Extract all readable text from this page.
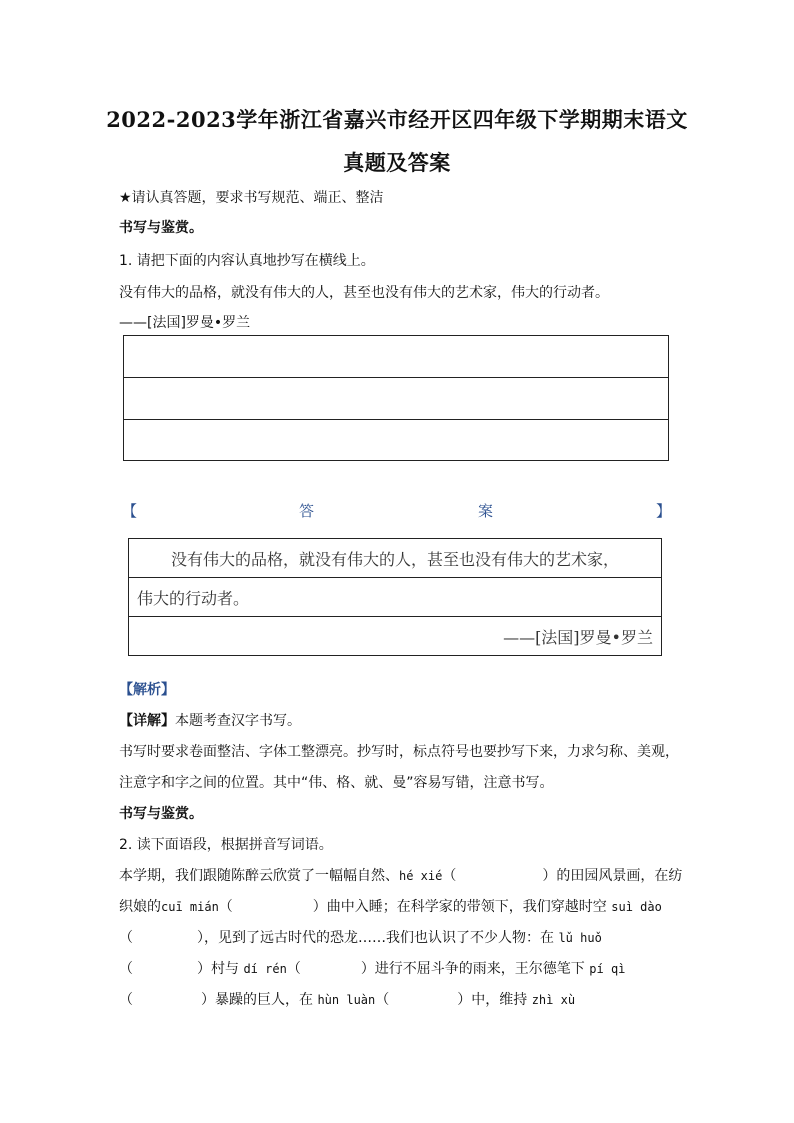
2022-2023学年浙江省嘉兴市经开区四年级下学期期末语文
真题及答案
★请认真答题，要求书写规范、端正、整洁
书写与鉴赏。
1. 请把下面的内容认真地抄写在横线上。
没有伟大的品格，就没有伟大的人，甚至也没有伟大的艺术家，伟大的行动者。
——[法国]罗曼•罗兰
【	答	案	】
没有伟大的品格，就没有伟大的人，甚至也没有伟大的艺术家，
伟大的行动者。
——[法国]罗曼•罗兰
【解析】
【详解】本题考查汉字书写。
书写时要求卷面整洁、字体工整漂亮。抄写时，标点符号也要抄写下来，力求匀称、美观，
注意字和字之间的位置。其中“伟、格、就、曼”容易写错，注意书写。
书写与鉴赏。
2. 读下面语段，根据拼音写词语。
本学期，我们跟随陈醉云欣赏了一幅幅自然、hé xié（	）的田园风景画，在纺
织娘的cuī mián（	）曲中入睡；在科学家的带领下，我们穿越时空 suì dào
（	），见到了远古时代的恐龙……我们也认识了不少人物：在 lǔ huǒ
（	）村与 dí rén（	）进行不屈斗争的雨来，王尔德笔下 pí qì
（	）暴躁的巨人，在 hùn luàn（	）中，维持 zhì xù
